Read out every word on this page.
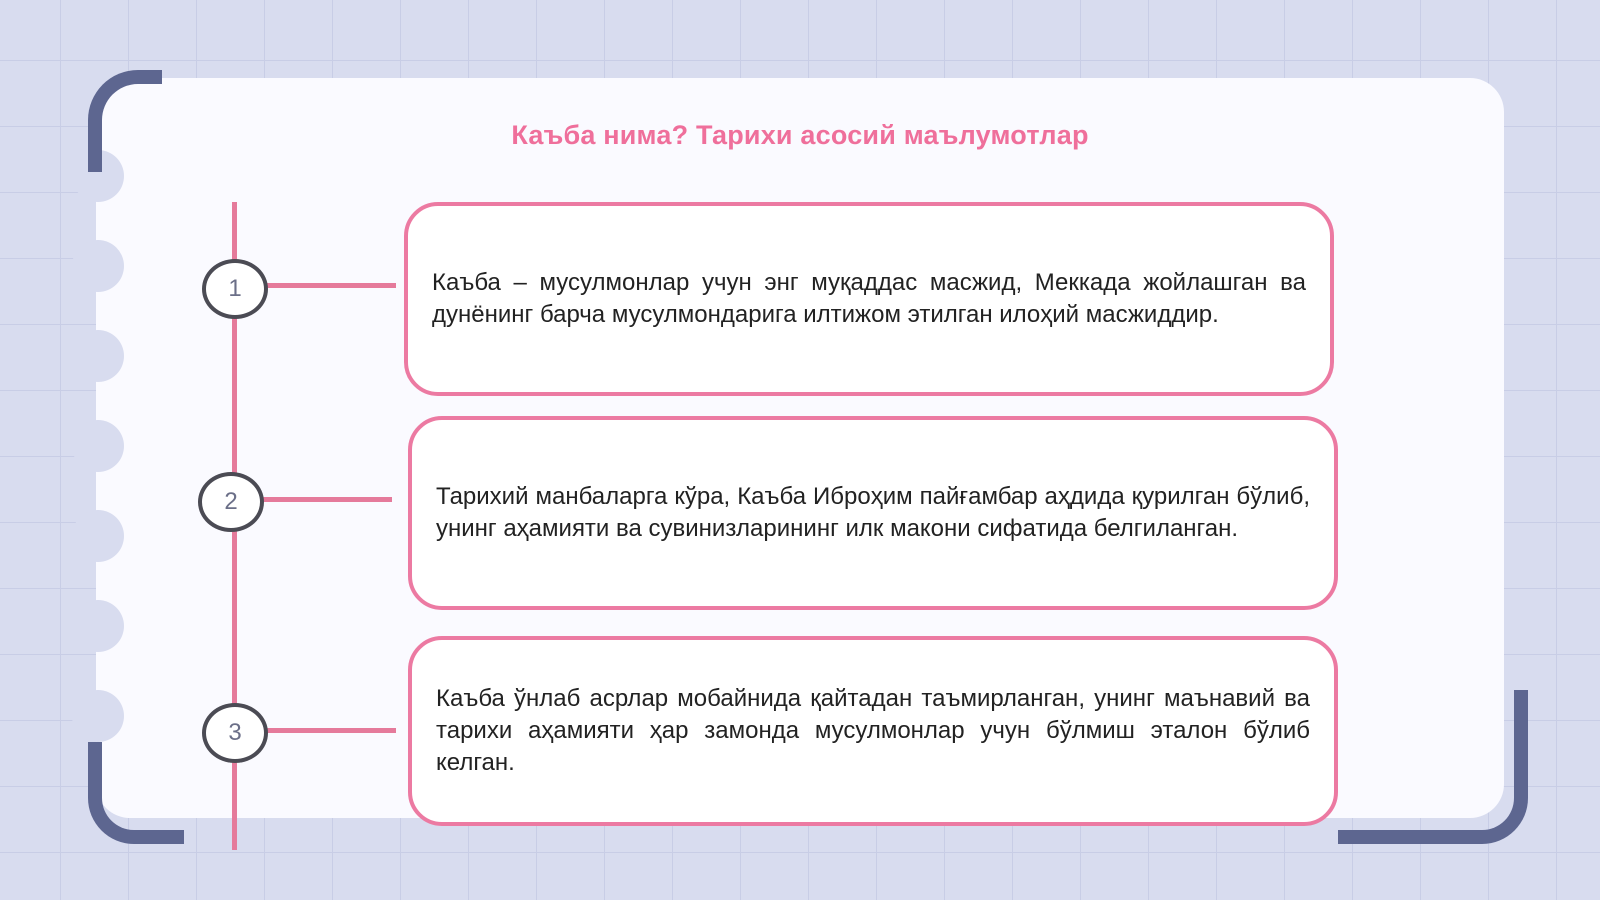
Каъба нима? Тарихи асосий маълумотлар
1
2
3

Каъба – мусулмонлар учун энг муқаддас масжид, Меккада жойлашган ва дунёнинг барча мусулмондарига илтижом этилган илоҳий масжиддир.

Тарихий манбаларга кўра, Каъба Иброҳим пайғамбар аҳдида қурилган бўлиб, унинг аҳамияти ва сувинизларининг илк макони сифатида белгиланган.

Каъба ўнлаб асрлар мобайнида қайтадан таъмирланган, унинг маънавий ва тарихи аҳамияти ҳар замонда мусулмонлар учун бўлмиш эталон бўлиб келган.
